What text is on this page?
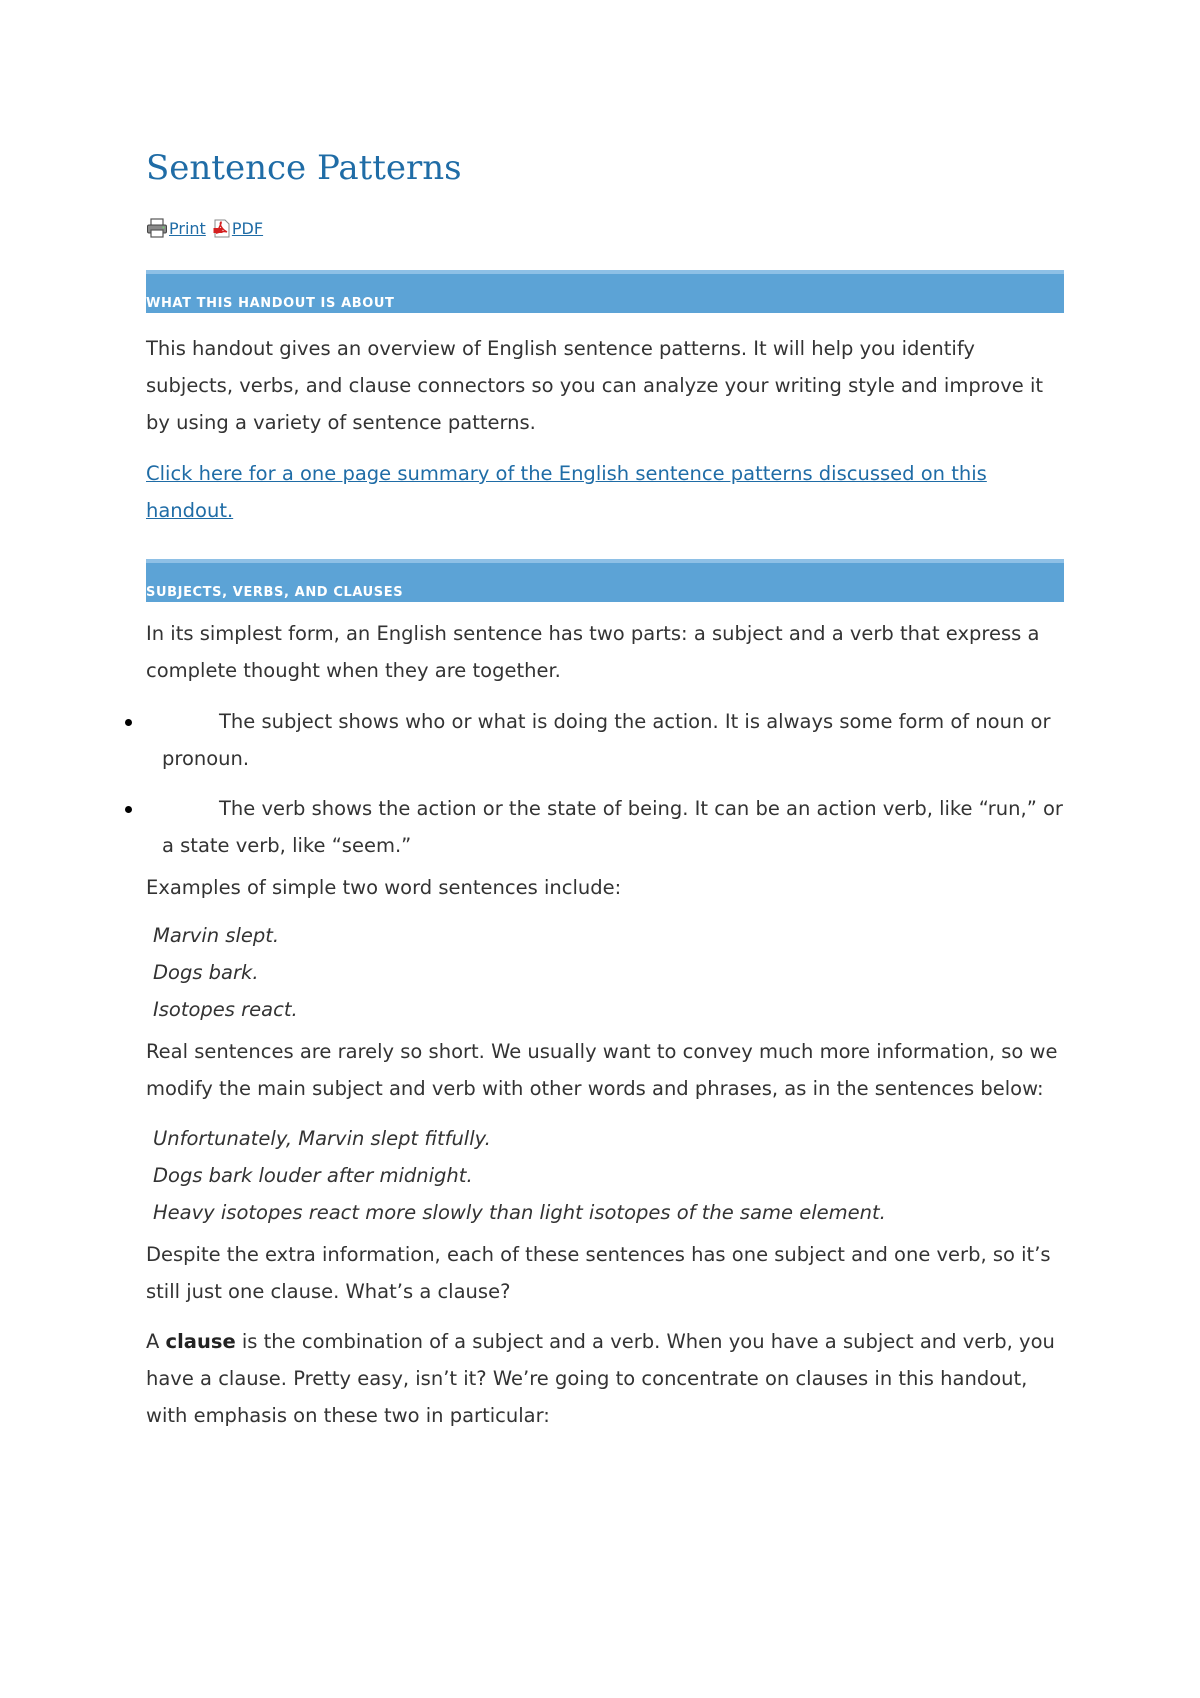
Sentence Patterns
Print
PDF
WHAT THIS HANDOUT IS ABOUT

This handout gives an overview of English sentence patterns. It will help you identify subjects, verbs, and clause connectors so you can analyze your writing style and improve it by using a variety of sentence patterns.

Click here for a one page summary of the English sentence patterns discussed on this handout.

SUBJECTS, VERBS, AND CLAUSES

In its simplest form, an English sentence has two parts: a subject and a verb that express a complete thought when they are together.

The subject shows who or what is doing the action. It is always some form of noun or pronoun.
The verb shows the action or the state of being. It can be an action verb, like “run,” or a state verb, like “seem.”

Examples of simple two word sentences include:

Marvin slept.
Dogs bark.
Isotopes react.

Real sentences are rarely so short. We usually want to convey much more information, so we modify the main subject and verb with other words and phrases, as in the sentences below:

Unfortunately, Marvin slept fitfully.
Dogs bark louder after midnight.
Heavy isotopes react more slowly than light isotopes of the same element.

Despite the extra information, each of these sentences has one subject and one verb, so it’s still just one clause. What’s a clause?

A clause is the combination of a subject and a verb. When you have a subject and verb, you have a clause. Pretty easy, isn’t it? We’re going to concentrate on clauses in this handout, with emphasis on these two in particular:
